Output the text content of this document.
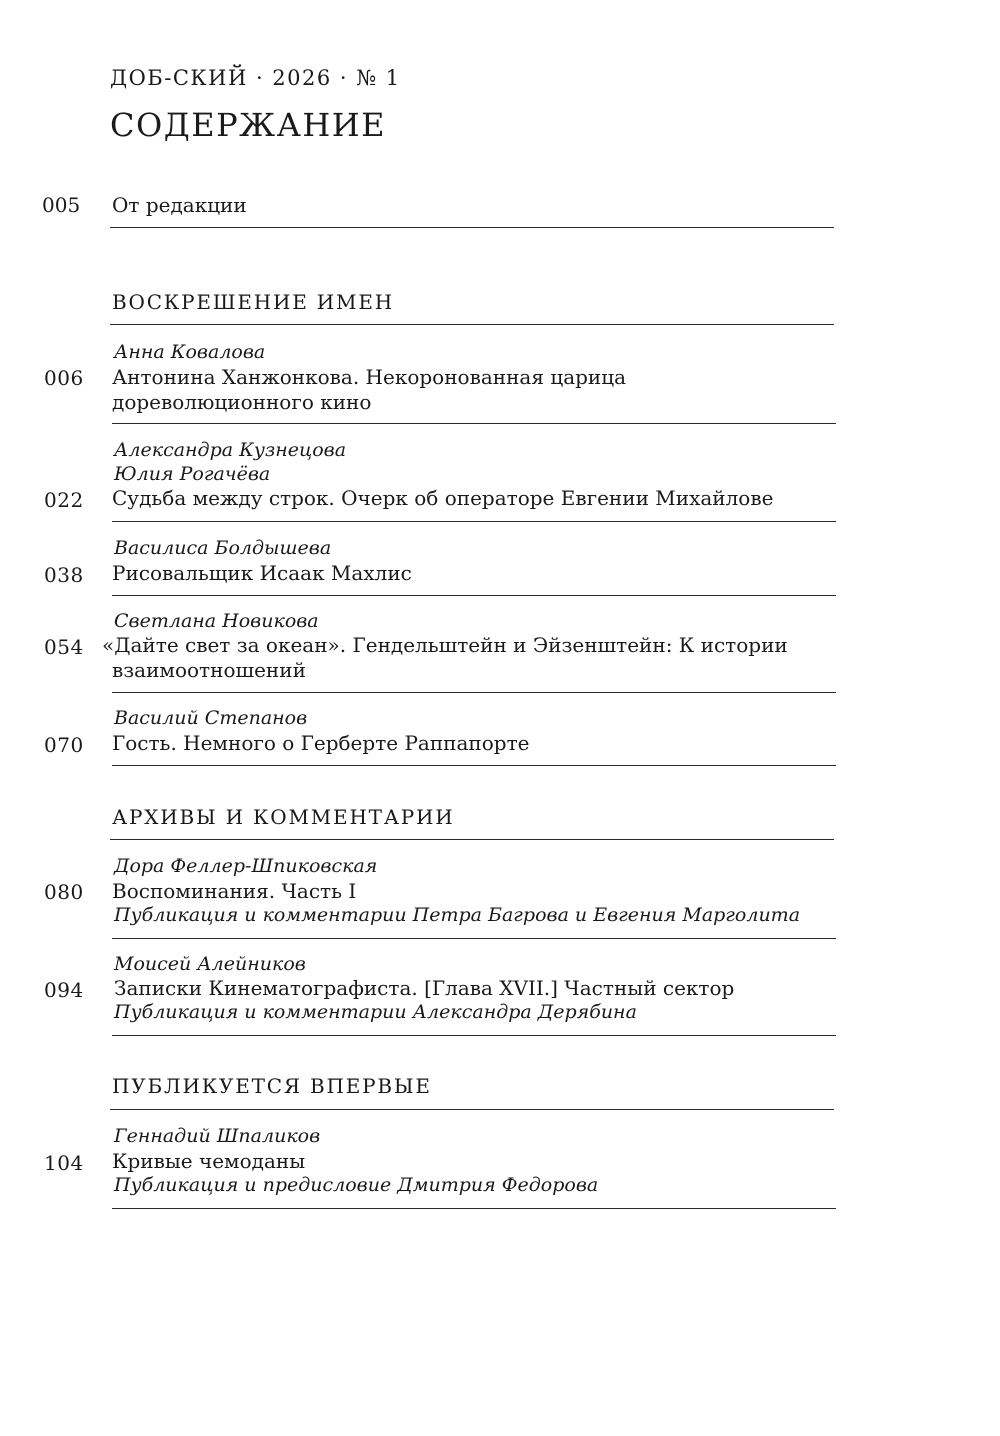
ДОБ-СКИЙ · 2026 · № 1
СОДЕРЖАНИЕ
005 От редакции
ВОСКРЕШЕНИЕ ИМЕН
Анна Ковалова
006 Антонина Ханжонкова. Некоронованная царица
дореволюционного кино
Александра Кузнецова
Юлия Рогачёва
022 Судьба между строк. Очерк об операторе Евгении Михайлове
Василиса Болдышева
038 Рисовальщик Исаак Махлис
Светлана Новикова
054 «Дайте свет за океан». Гендельштейн и Эйзенштейн: К истории
взаимоотношений
Василий Степанов
070 Гость. Немного о Герберте Раппапорте
АРХИВЫ И КОММЕНТАРИИ
Дора Феллер-Шпиковская
080 Воспоминания. Часть I
Публикация и комментарии Петра Багрова и Евгения Марголита
Моисей Алейников
094 Записки Кинематографиста. [Глава XVII.] Частный сектор
Публикация и комментарии Александра Дерябина
ПУБЛИКУЕТСЯ ВПЕРВЫЕ
Геннадий Шпаликов
104 Кривые чемоданы
Публикация и предисловие Дмитрия Федорова
